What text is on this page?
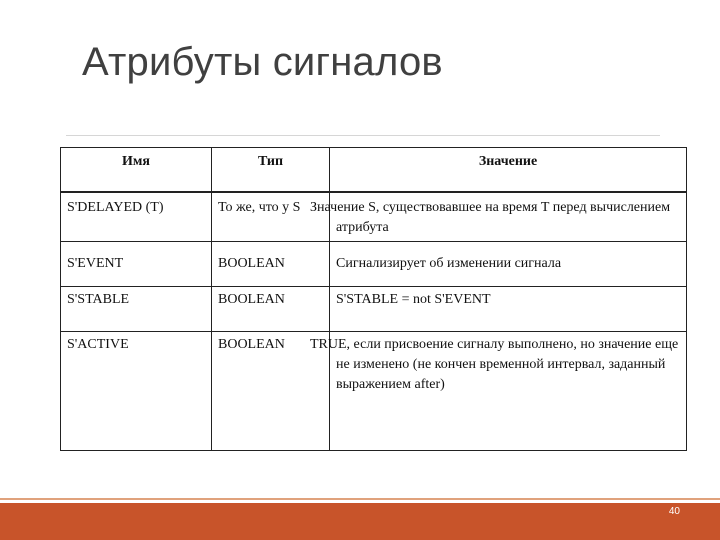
Атрибуты сигналов
Имя	Тип	Значение
S'DELAYED (T)	То же, что у S	Значение S, существовавшее на время T перед вычислением атрибута
S'EVENT	BOOLEAN	Сигнализирует об изменении сигнала
S'STABLE	BOOLEAN	S'STABLE = not S'EVENT
S'ACTIVE	BOOLEAN	TRUE, если присвоение сигналу выполнено, но значение еще не изменено (не кончен временной интервал, заданный выражением after)
40
